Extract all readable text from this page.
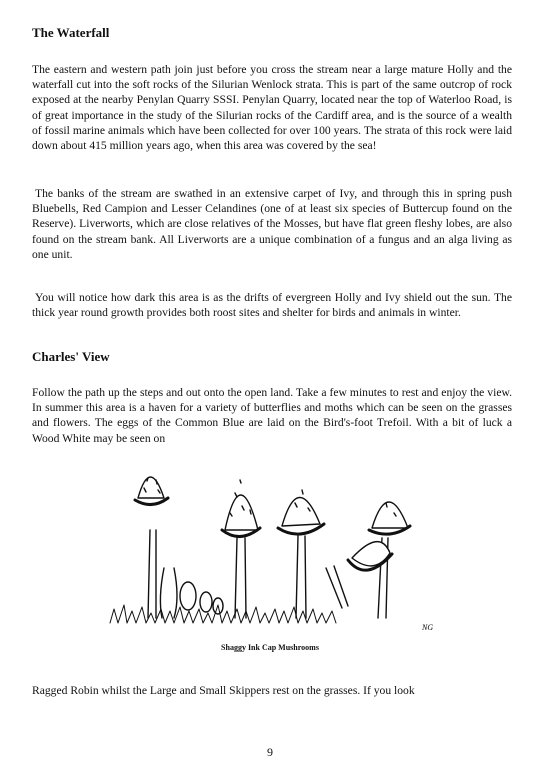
The Waterfall

The eastern and western path join just before you cross the stream near a large mature Holly and the waterfall cut into the soft rocks of the Silurian Wenlock strata. This is part of the same outcrop of rock exposed at the nearby Penylan Quarry SSSI. Penylan Quarry, located near the top of Waterloo Road, is of great importance in the study of the Silurian rocks of the Cardiff area, and is the source of a wealth of fossil marine animals which have been collected for over 100 years. The strata of this rock were laid down about 415 million years ago, when this area was covered by the sea!

The banks of the stream are swathed in an extensive carpet of Ivy, and through this in spring push Bluebells, Red Campion and Lesser Celandines (one of at least six species of Buttercup found on the Reserve). Liverworts, which are close relatives of the Mosses, but have flat green fleshy lobes, are also found on the stream bank. All Liverworts are a unique combination of a fungus and an alga living as one unit.

You will notice how dark this area is as the drifts of evergreen Holly and Ivy shield out the sun. The thick year round growth provides both roost sites and shelter for birds and animals in winter.

Charles' View

Follow the path up the steps and out onto the open land. Take a few minutes to rest and enjoy the view. In summer this area is a haven for a variety of butterflies and moths which can be seen on the grasses and flowers. The eggs of the Common Blue are laid on the Bird's-foot Trefoil. With a bit of luck a Wood White may be seen on

NG
Shaggy Ink Cap Mushrooms

Ragged Robin whilst the Large and Small Skippers rest on the grasses. If you look

9
